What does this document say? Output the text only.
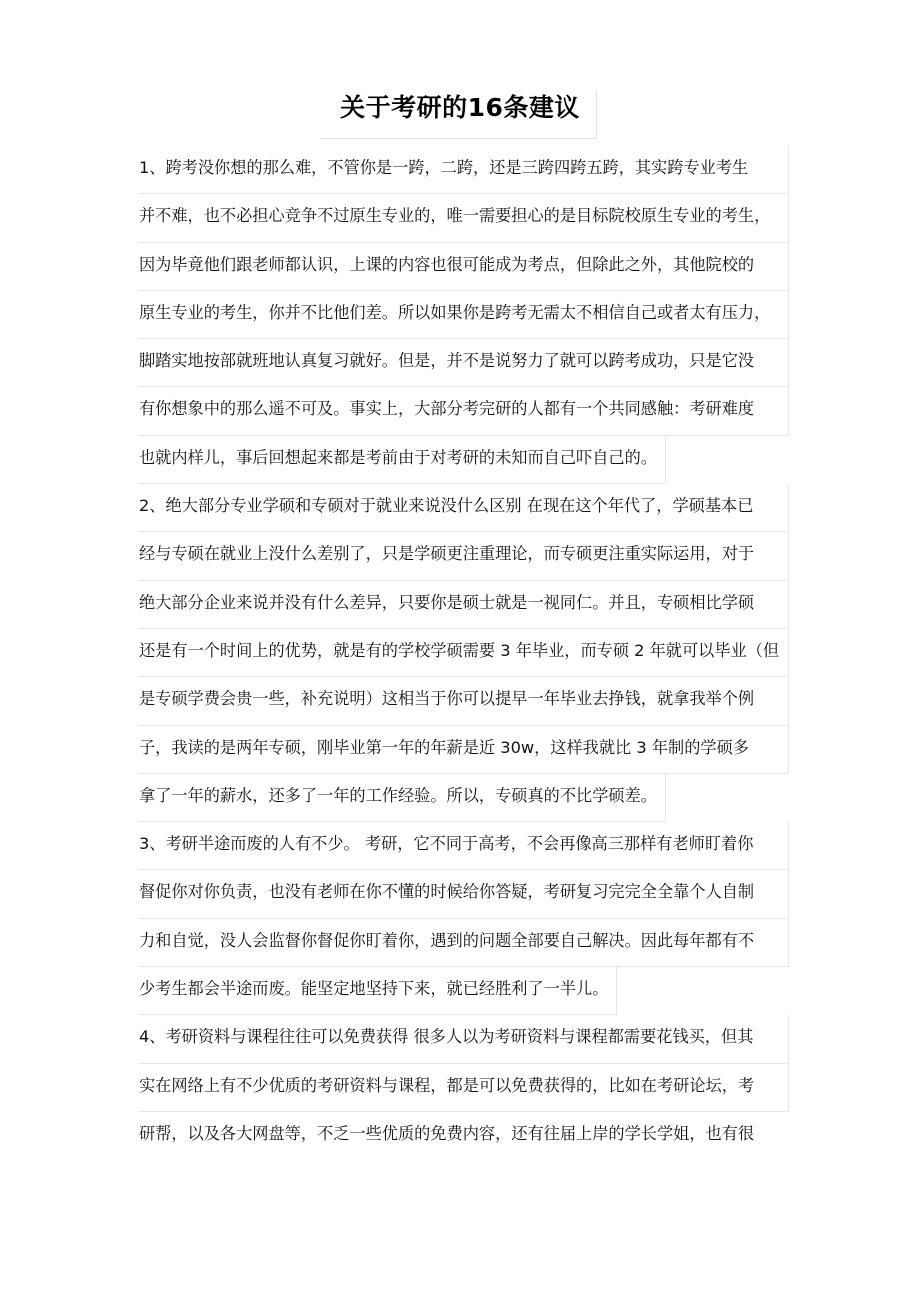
关于考研的16条建议
1、跨考没你想的那么难，不管你是一跨，二跨，还是三跨四跨五跨，其实跨专业考生
并不难，也不必担心竞争不过原生专业的，唯一需要担心的是目标院校原生专业的考生，
因为毕竟他们跟老师都认识，上课的内容也很可能成为考点，但除此之外，其他院校的
原生专业的考生，你并不比他们差。所以如果你是跨考无需太不相信自己或者太有压力，
脚踏实地按部就班地认真复习就好。但是，并不是说努力了就可以跨考成功，只是它没
有你想象中的那么遥不可及。事实上，大部分考完研的人都有一个共同感触：考研难度
也就内样儿，事后回想起来都是考前由于对考研的未知而自己吓自己的。
2、绝大部分专业学硕和专硕对于就业来说没什么区别 在现在这个年代了，学硕基本已
经与专硕在就业上没什么差别了，只是学硕更注重理论，而专硕更注重实际运用，对于
绝大部分企业来说并没有什么差异，只要你是硕士就是一视同仁。并且，专硕相比学硕
还是有一个时间上的优势，就是有的学校学硕需要 3 年毕业，而专硕 2 年就可以毕业（但
是专硕学费会贵一些，补充说明）这相当于你可以提早一年毕业去挣钱，就拿我举个例
子，我读的是两年专硕，刚毕业第一年的年薪是近 30w，这样我就比 3 年制的学硕多
拿了一年的薪水，还多了一年的工作经验。所以，专硕真的不比学硕差。
3、考研半途而废的人有不少。 考研，它不同于高考，不会再像高三那样有老师盯着你
督促你对你负责，也没有老师在你不懂的时候给你答疑，考研复习完完全全靠个人自制
力和自觉，没人会监督你督促你盯着你，遇到的问题全部要自己解决。因此每年都有不
少考生都会半途而废。能坚定地坚持下来，就已经胜利了一半儿。
4、考研资料与课程往往可以免费获得 很多人以为考研资料与课程都需要花钱买，但其
实在网络上有不少优质的考研资料与课程，都是可以免费获得的，比如在考研论坛，考
研帮，以及各大网盘等，不乏一些优质的免费内容，还有往届上岸的学长学姐，也有很
